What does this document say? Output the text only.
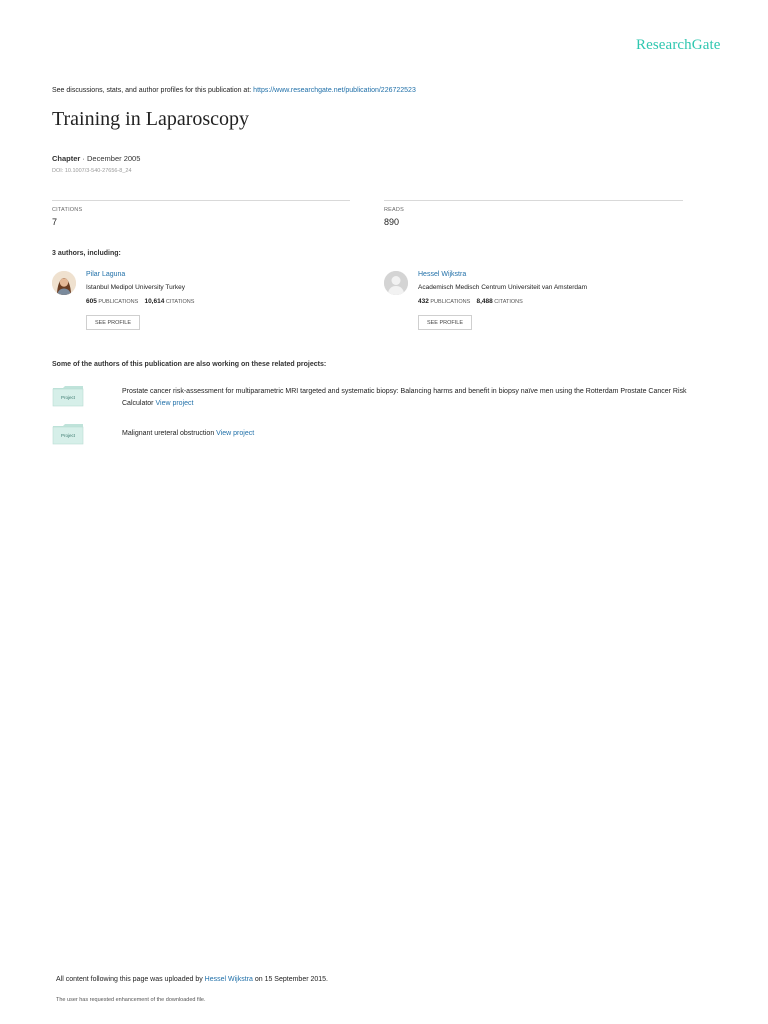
ResearchGate
See discussions, stats, and author profiles for this publication at: https://www.researchgate.net/publication/226722523
Training in Laparoscopy
Chapter · December 2005
DOI: 10.1007/3-540-27656-8_24
CITATIONS
7
READS
890
3 authors, including:
Pilar Laguna
Istanbul Medipol University Turkey
605 PUBLICATIONS 10,614 CITATIONS
SEE PROFILE
Hessel Wijkstra
Academisch Medisch Centrum Universiteit van Amsterdam
432 PUBLICATIONS 8,488 CITATIONS
SEE PROFILE
Some of the authors of this publication are also working on these related projects:
Project
Prostate cancer risk-assessment for multiparametric MRI targeted and systematic biopsy: Balancing harms and benefit in biopsy naïve men using the Rotterdam Prostate Cancer Risk Calculator View project
Project	Malignant ureteral obstruction View project
All content following this page was uploaded by Hessel Wijkstra on 15 September 2015.
The user has requested enhancement of the downloaded file.
